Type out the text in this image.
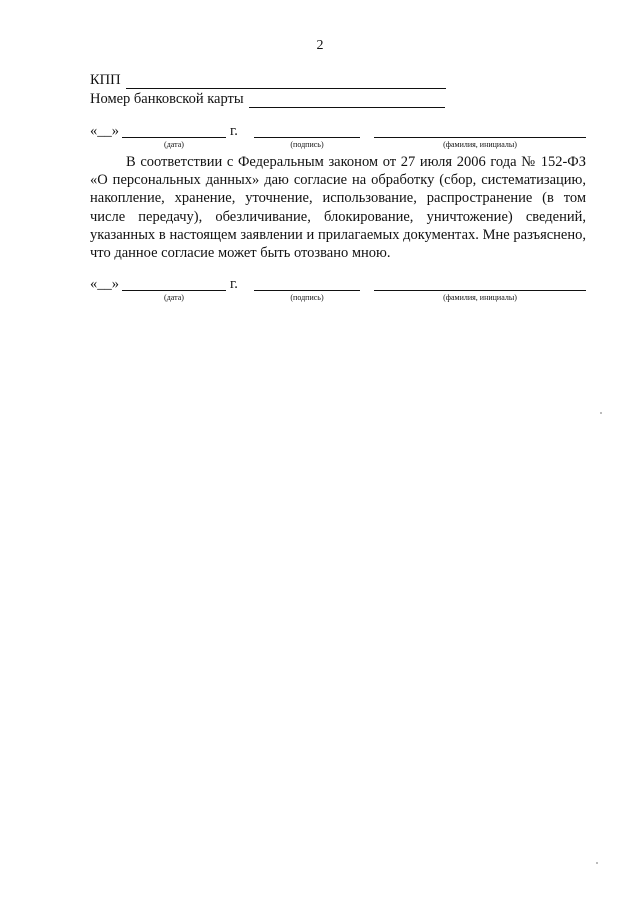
2
КПП
Номер банковской карты
«__»	г.
(дата)	(подпись)	(фамилия, инициалы)

В соответствии с Федеральным законом от 27 июля 2006 года № 152-ФЗ «О персональных данных» даю согласие на обработку (сбор, систематизацию, накопление, хранение, уточнение, использование, распространение (в том числе передачу), обезличивание, блокирование, уничтожение) сведений, указанных в настоящем заявлении и прилагаемых документах. Мне разъяснено, что данное согласие может быть отозвано мною.

«__»	г.
(дата)	(подпись)	(фамилия, инициалы)
